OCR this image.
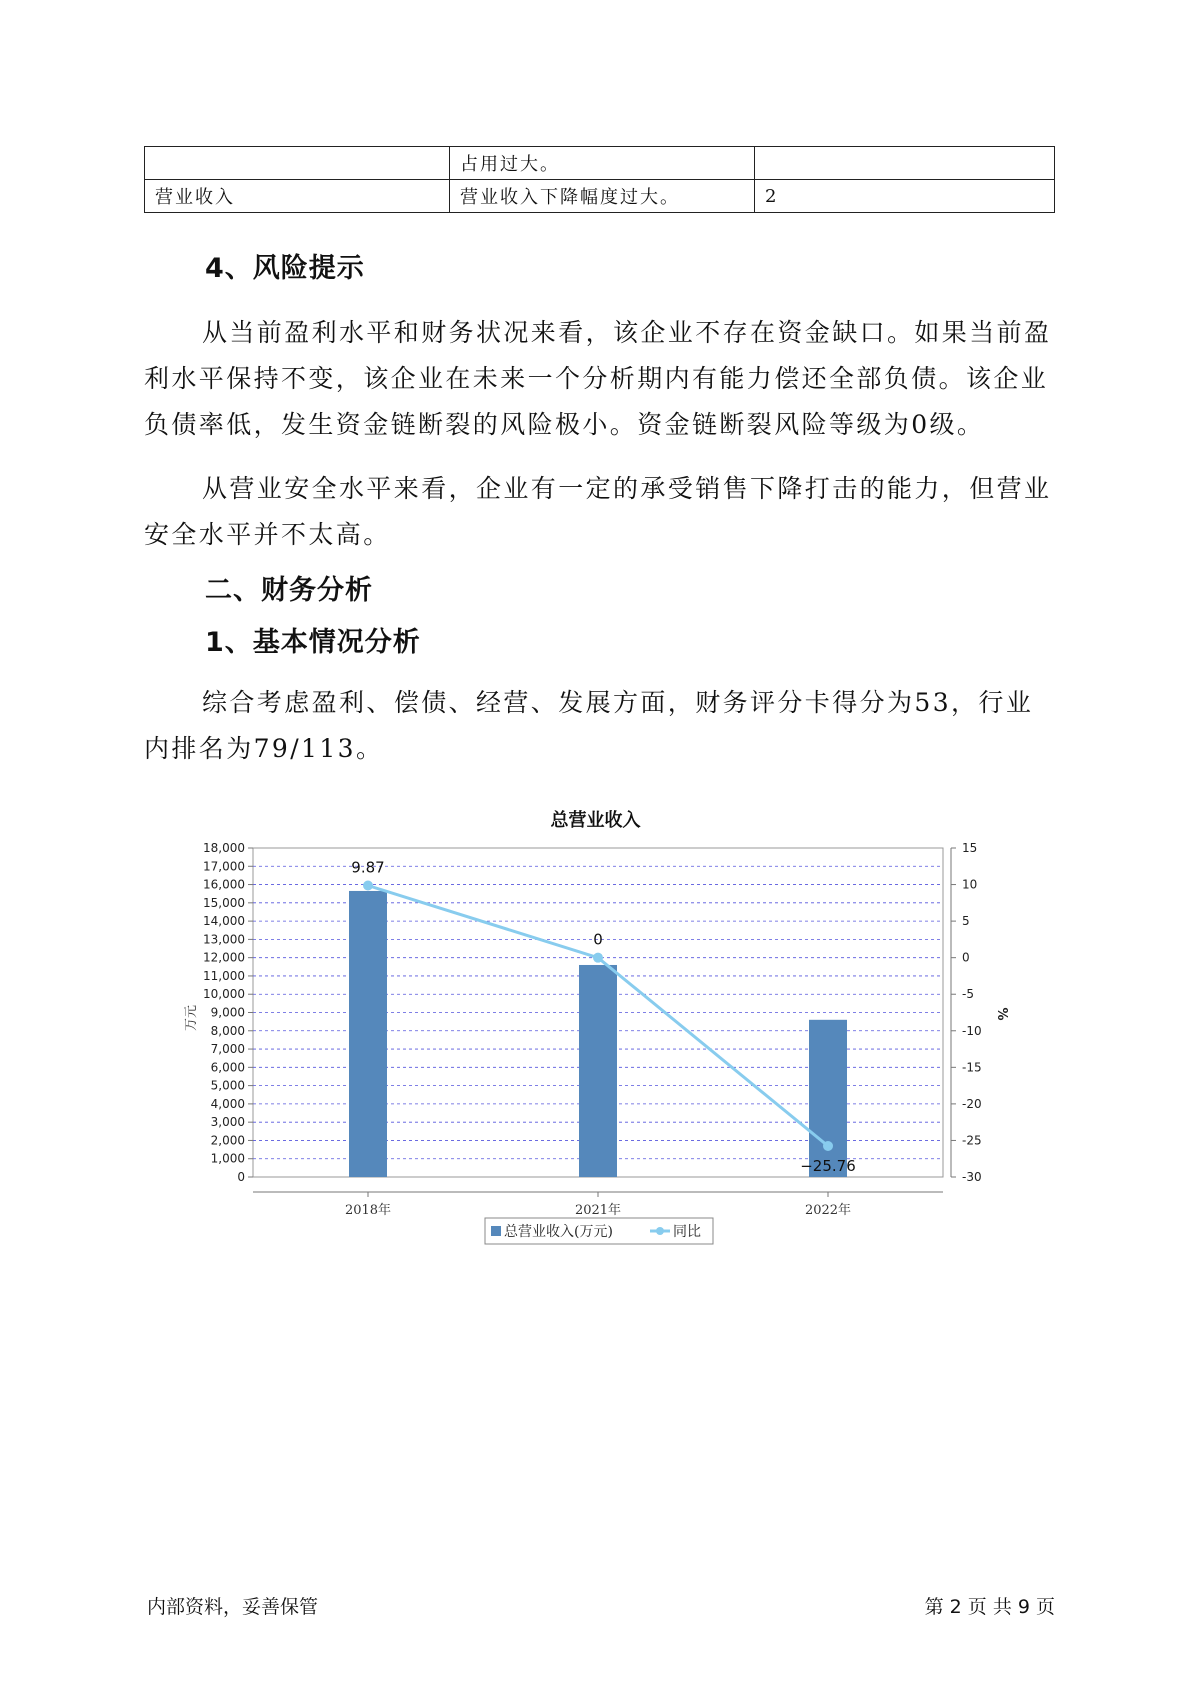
	占用过大。	
营业收入	营业收入下降幅度过大。	2
4、风险提示

从当前盈利水平和财务状况来看，该企业不存在资金缺口。如果当前盈利水平保持不变，该企业在未来一个分析期内有能力偿还全部负债。该企业负债率低，发生资金链断裂的风险极小。资金链断裂风险等级为0级。

从营业安全水平来看，企业有一定的承受销售下降打击的能力，但营业安全水平并不太高。

二、财务分析
1、基本情况分析

综合考虑盈利、偿债、经营、发展方面，财务评分卡得分为53，行业内排名为79/113。

总营业收入
0
1,000
2,000
3,000
4,000
5,000
6,000
7,000
8,000
9,000
10,000
11,000
12,000
13,000
14,000
15,000
16,000
17,000
18,000
-30
-25
-20
-15
-10
-5
0
5
10
15
万元	%
2018年	2021年	2022年
9.87
0
−25.76
总营业收入(万元)	同比
内部资料，妥善保管	第 2 页 共 9 页
